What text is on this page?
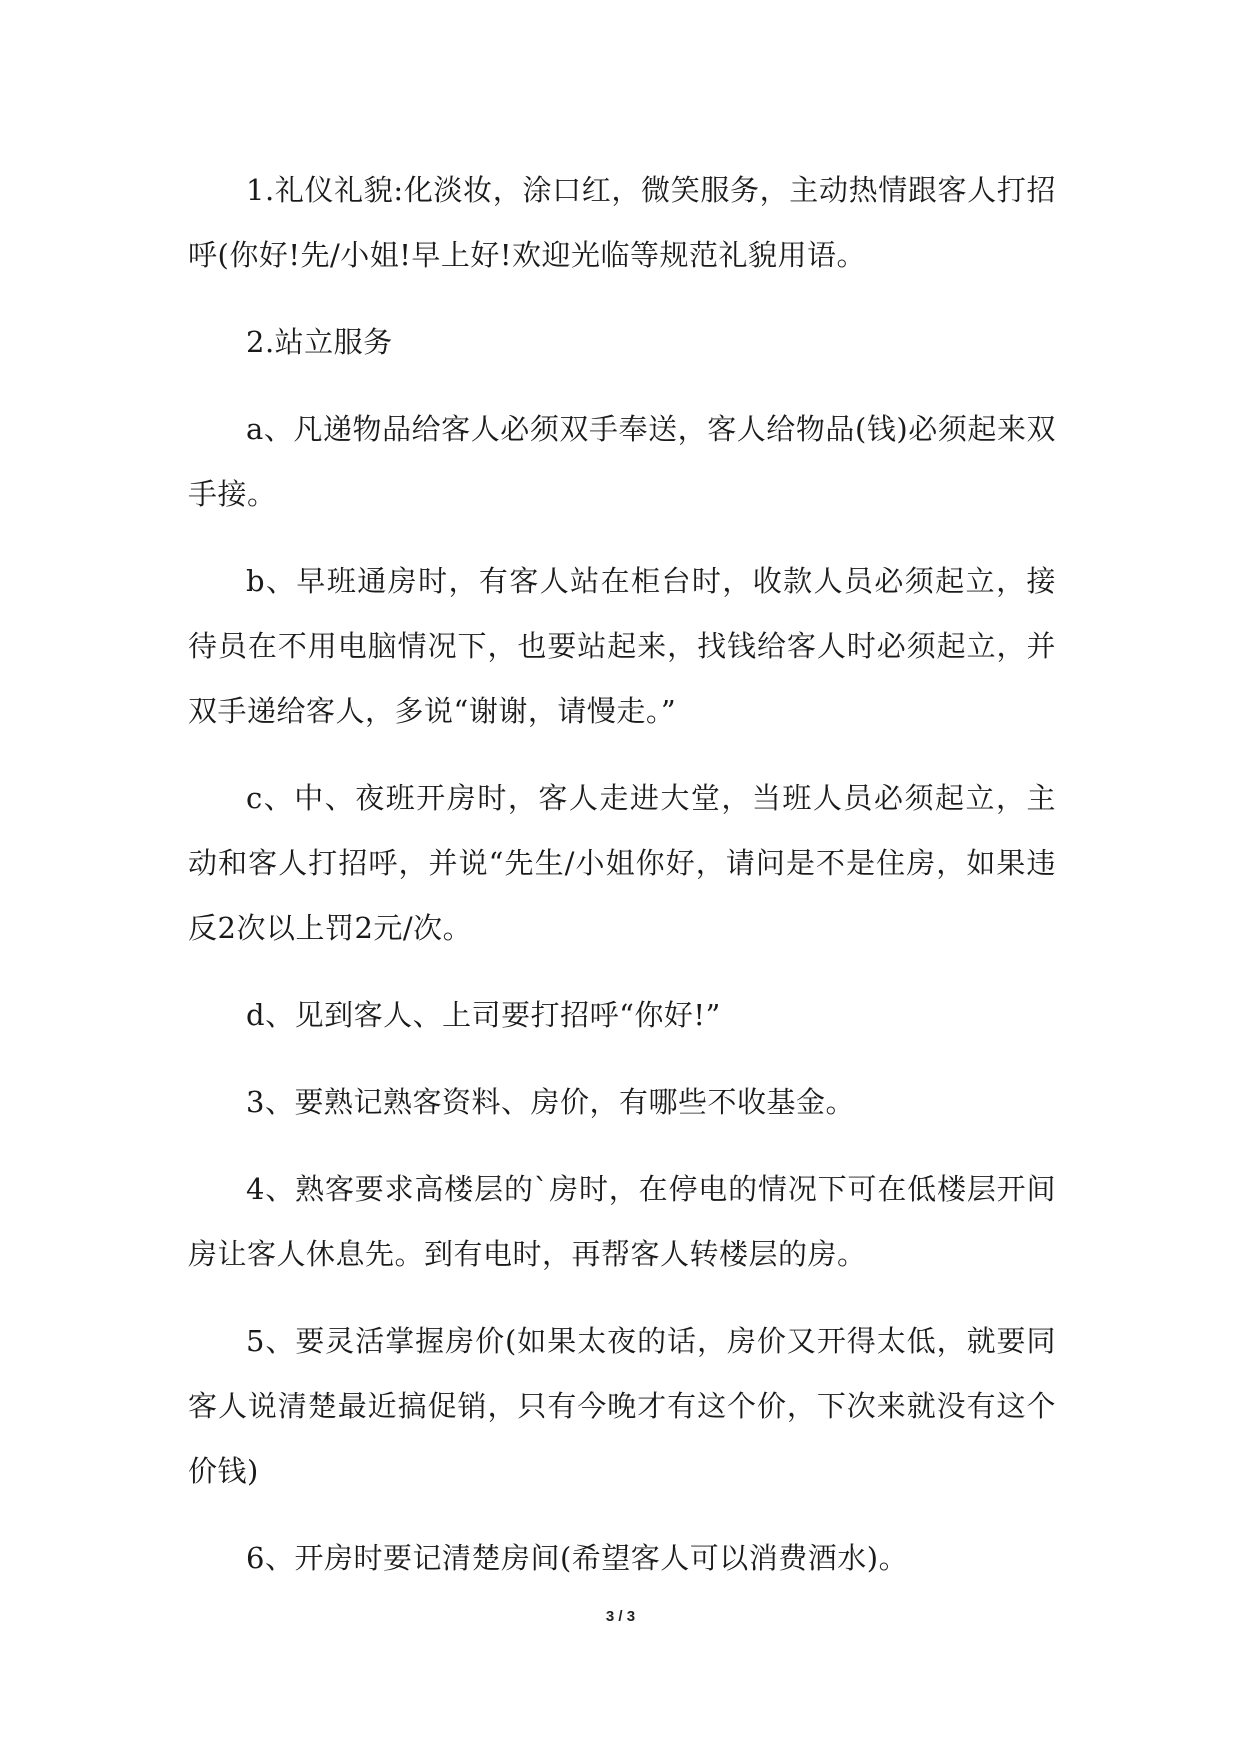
1.礼仪礼貌:化淡妆，涂口红，微笑服务，主动热情跟客人打招呼(你好!先/小姐!早上好!欢迎光临等规范礼貌用语。

2.站立服务

a、凡递物品给客人必须双手奉送，客人给物品(钱)必须起来双手接。

b、早班通房时，有客人站在柜台时，收款人员必须起立，接待员在不用电脑情况下，也要站起来，找钱给客人时必须起立，并双手递给客人，多说“谢谢，请慢走。”

c、中、夜班开房时，客人走进大堂，当班人员必须起立，主动和客人打招呼，并说“先生/小姐你好，请问是不是住房，如果违反2次以上罚2元/次。

d、见到客人、上司要打招呼“你好!”

3、要熟记熟客资料、房价，有哪些不收基金。

4、熟客要求高楼层的`房时，在停电的情况下可在低楼层开间房让客人休息先。到有电时，再帮客人转楼层的房。

5、要灵活掌握房价(如果太夜的话，房价又开得太低，就要同客人说清楚最近搞促销，只有今晚才有这个价，下次来就没有这个价钱)

6、开房时要记清楚房间(希望客人可以消费酒水)。

3 / 3
